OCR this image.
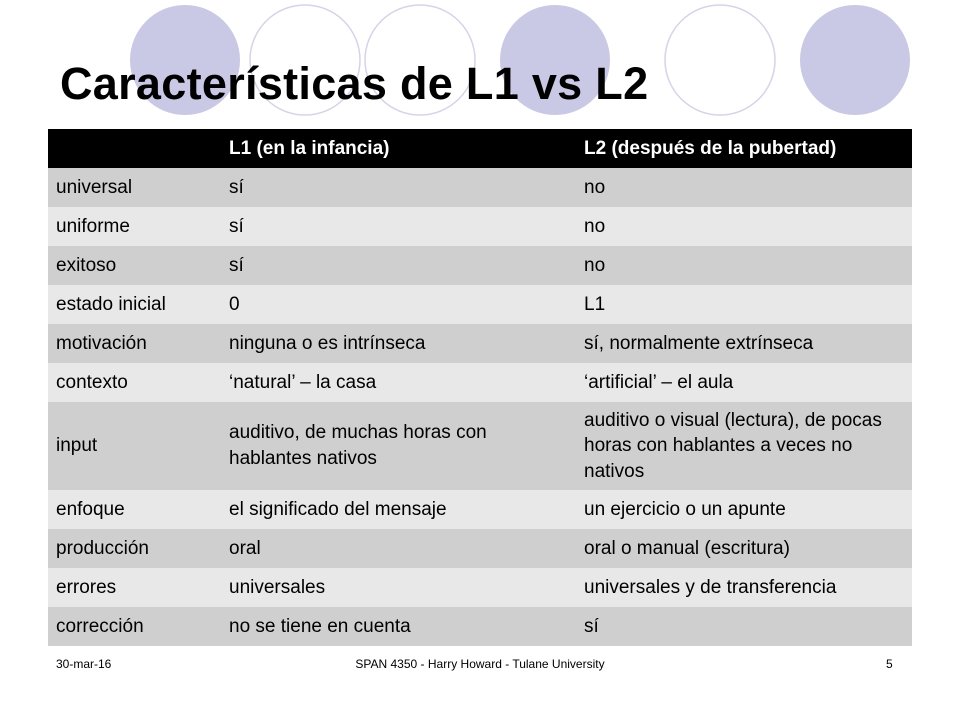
Características de L1 vs L2
	L1 (en la infancia)	L2 (después de la pubertad)
universal	sí	no
uniforme	sí	no
exitoso	sí	no
estado inicial	0	L1
motivación	ninguna o es intrínseca	sí, normalmente extrínseca
contexto	‘natural’ – la casa	‘artificial’ – el aula
input	auditivo, de muchas horas con hablantes nativos	auditivo o visual (lectura), de pocas horas con hablantes a veces no nativos
enfoque	el significado del mensaje	un ejercicio o un apunte
producción	oral	oral o manual (escritura)
errores	universales	universales y de transferencia
corrección	no se tiene en cuenta	sí
30-mar-16	SPAN 4350 - Harry Howard - Tulane University	5
